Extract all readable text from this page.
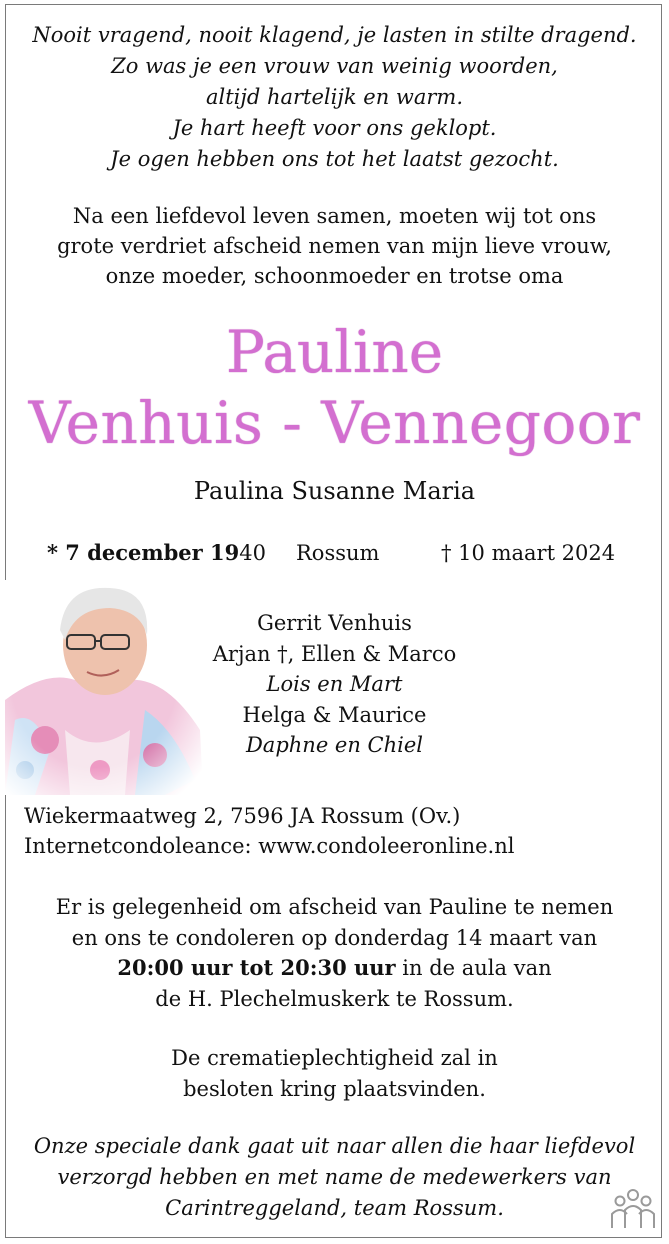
Nooit vragend, nooit klagend, je lasten in stilte dragend.
Zo was je een vrouw van weinig woorden,
altijd hartelijk en warm.
Je hart heeft voor ons geklopt.
Je ogen hebben ons tot het laatst gezocht.
Na een liefdevol leven samen, moeten wij tot ons
grote verdriet afscheid nemen van mijn lieve vrouw,
onze moeder, schoonmoeder en trotse oma
Pauline
Venhuis - Vennegoor
Paulina Susanne Maria
* 7 december 1940 Rossum	† 10 maart 2024
Gerrit Venhuis
Arjan †, Ellen & Marco
Lois en Mart
Helga & Maurice
Daphne en Chiel
Wiekermaatweg 2, 7596 JA Rossum (Ov.)
Internetcondoleance: www.condoleeronline.nl
Er is gelegenheid om afscheid van Pauline te nemen
en ons te condoleren op donderdag 14 maart van
20:00 uur tot 20:30 uur in de aula van
de H. Plechelmuskerk te Rossum.
De crematieplechtigheid zal in
besloten kring plaatsvinden.
Onze speciale dank gaat uit naar allen die haar liefdevol
verzorgd hebben en met name de medewerkers van
Carintreggeland, team Rossum.
